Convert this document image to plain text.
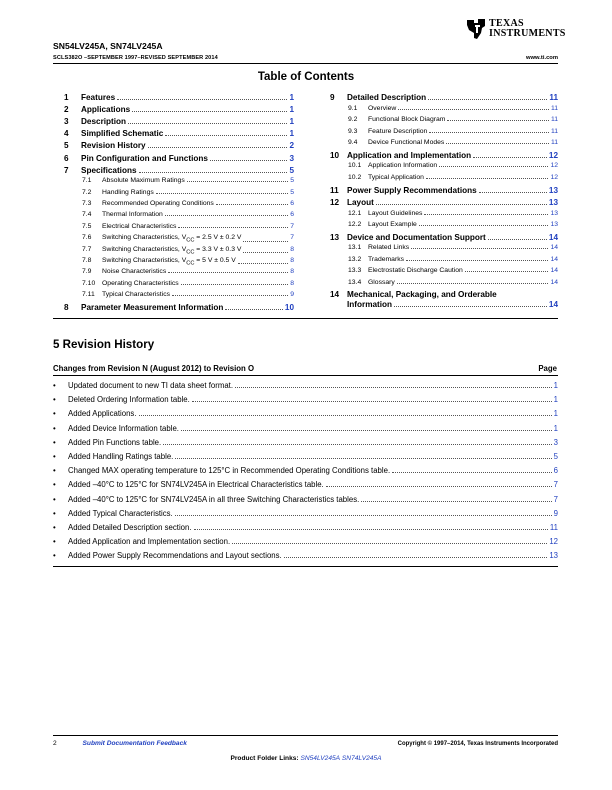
TEXAS
INSTRUMENTS
SN54LV245A, SN74LV245A
SCLS382O –SEPTEMBER 1997–REVISED SEPTEMBER 2014	www.ti.com
Table of Contents
1	Features	1
2	Applications	1
3	Description	1
4	Simplified Schematic	1
5	Revision History	2
6	Pin Configuration and Functions	3
7	Specifications	5
7.1	Absolute Maximum Ratings	5
7.2	Handling Ratings	5
7.3	Recommended Operating Conditions	6
7.4	Thermal Information	6
7.5	Electrical Characteristics	7
7.6	Switching Characteristics, $V_{CC} = 2.5$ V ± 0.2 V	7
7.7	Switching Characteristics, $V_{CC} = 3.3$ V ± 0.3 V	8
7.8	Switching Characteristics, $V_{CC} = 5$ V ± 0.5 V	8
7.9	Noise Characteristics	8
7.10 Operating Characteristics	8
7.11	Typical Characteristics	9
8	Parameter Measurement Information	10
9	Detailed Description	11
9.1	Overview	11
9.2	Functional Block Diagram	11
9.3	Feature Description	11
9.4	Device Functional Modes	11
10 Application and Implementation	12
10.1 Application Information	12
10.2 Typical Application	12
11	Power Supply Recommendations	13
12 Layout	13
12.1 Layout Guidelines	13
12.2 Layout Example	13
13 Device and Documentation Support	14
13.1 Related Links	14
13.2 Trademarks	14
13.3 Electrostatic Discharge Caution	14
13.4 Glossary	14
14 Mechanical, Packaging, and Orderable
Information	14
5 Revision History
Changes from Revision N (August 2012) to Revision O	Page
•	Updated document to new TI data sheet format.	1
•	Deleted Ordering Information table.	1
•	Added Applications.	1
•	Added Device Information table.	1
•	Added Pin Functions table.	3
•	Added Handling Ratings table.	5
•	Changed MAX operating temperature to 125°C in Recommended Operating Conditions table.	6
•	Added –40°C to 125°C for SN74LV245A in Electrical Characteristics table.	7
•	Added –40°C to 125°C for SN74LV245A in all three Switching Characteristics tables.	7
•	Added Typical Characteristics.	9
•	Added Detailed Description section.	11
•	Added Application and Implementation section.	12
•	Added Power Supply Recommendations and Layout sections.	13
2	Submit Documentation Feedback	Copyright © 1997–2014, Texas Instruments Incorporated
Product Folder Links: SN54LV245A SN74LV245A
